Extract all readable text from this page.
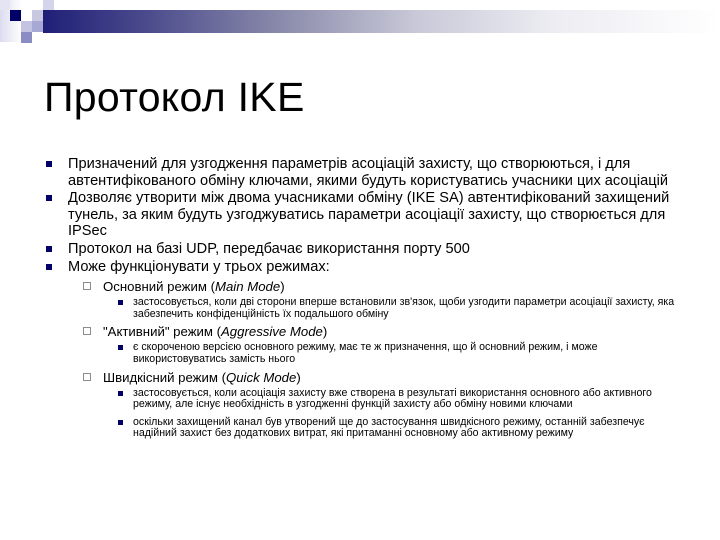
Протокол IKE
Призначений для узгодження параметрів асоціацій захисту, що створюються, і для автентифікованого обміну ключами, якими будуть користуватись учасники цих асоціацій
Дозволяє утворити між двома учасниками обміну (IKE SA) автентифікований захищений тунель, за яким будуть узгоджуватись параметри асоціації захисту, що створюється для IPSec
Протокол на базі UDP, передбачає використання порту 500
Може функціонувати у трьох режимах:
Основний режим (Main Mode)
застосовується, коли дві сторони вперше встановили зв'язок, щоби узгодити параметри асоціації захисту, яка забезпечить конфіденційність їх подальшого обміну
"Активний" режим (Aggressive Mode)
є скороченою версією основного режиму, має те ж призначення, що й основний режим, і може використовуватись замість нього
Швидкісний режим (Quick Mode)
застосовується, коли асоціація захисту вже створена в результаті використання основного або активного режиму, але існує необхідність в узгодженні функцій захисту або обміну новими ключами
оскільки захищений канал був утворений ще до застосування швидкісного режиму, останній забезпечує надійний захист без додаткових витрат, які притаманні основному або активному режиму
